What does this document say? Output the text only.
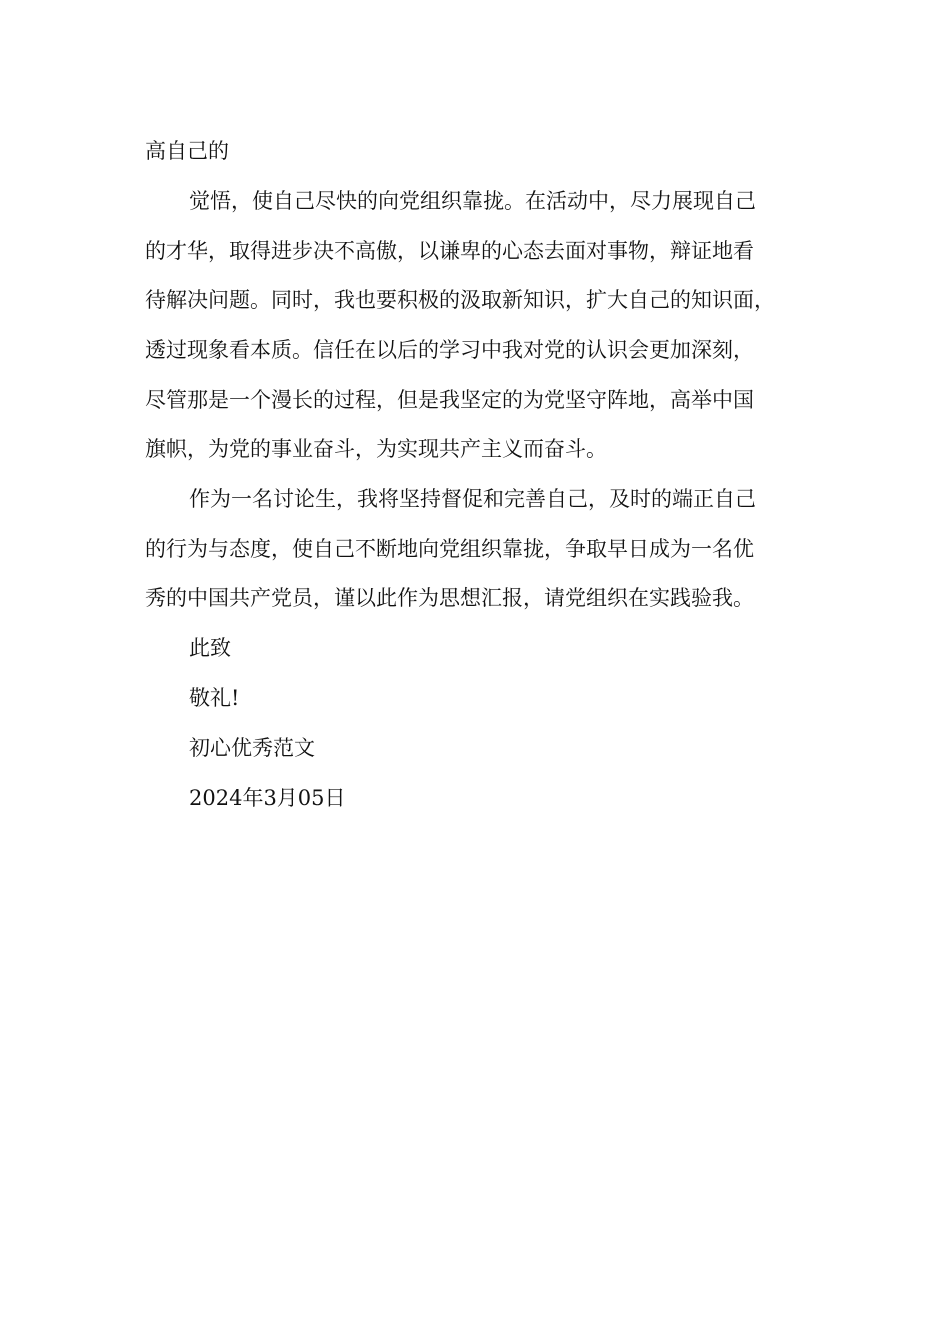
高自己的

觉悟，使自己尽快的向党组织靠拢。在活动中，尽力展现自己

的才华，取得进步决不高傲，以谦卑的心态去面对事物，辩证地看

待解决问题。同时，我也要积极的汲取新知识，扩大自己的知识面，

透过现象看本质。信任在以后的学习中我对党的认识会更加深刻，

尽管那是一个漫长的过程，但是我坚定的为党坚守阵地，高举中国

旗帜，为党的事业奋斗，为实现共产主义而奋斗。

作为一名讨论生，我将坚持督促和完善自己，及时的端正自己

的行为与态度，使自己不断地向党组织靠拢，争取早日成为一名优

秀的中国共产党员，谨以此作为思想汇报，请党组织在实践验我。

此致

敬礼!

初心优秀范文

2024年3月05日
